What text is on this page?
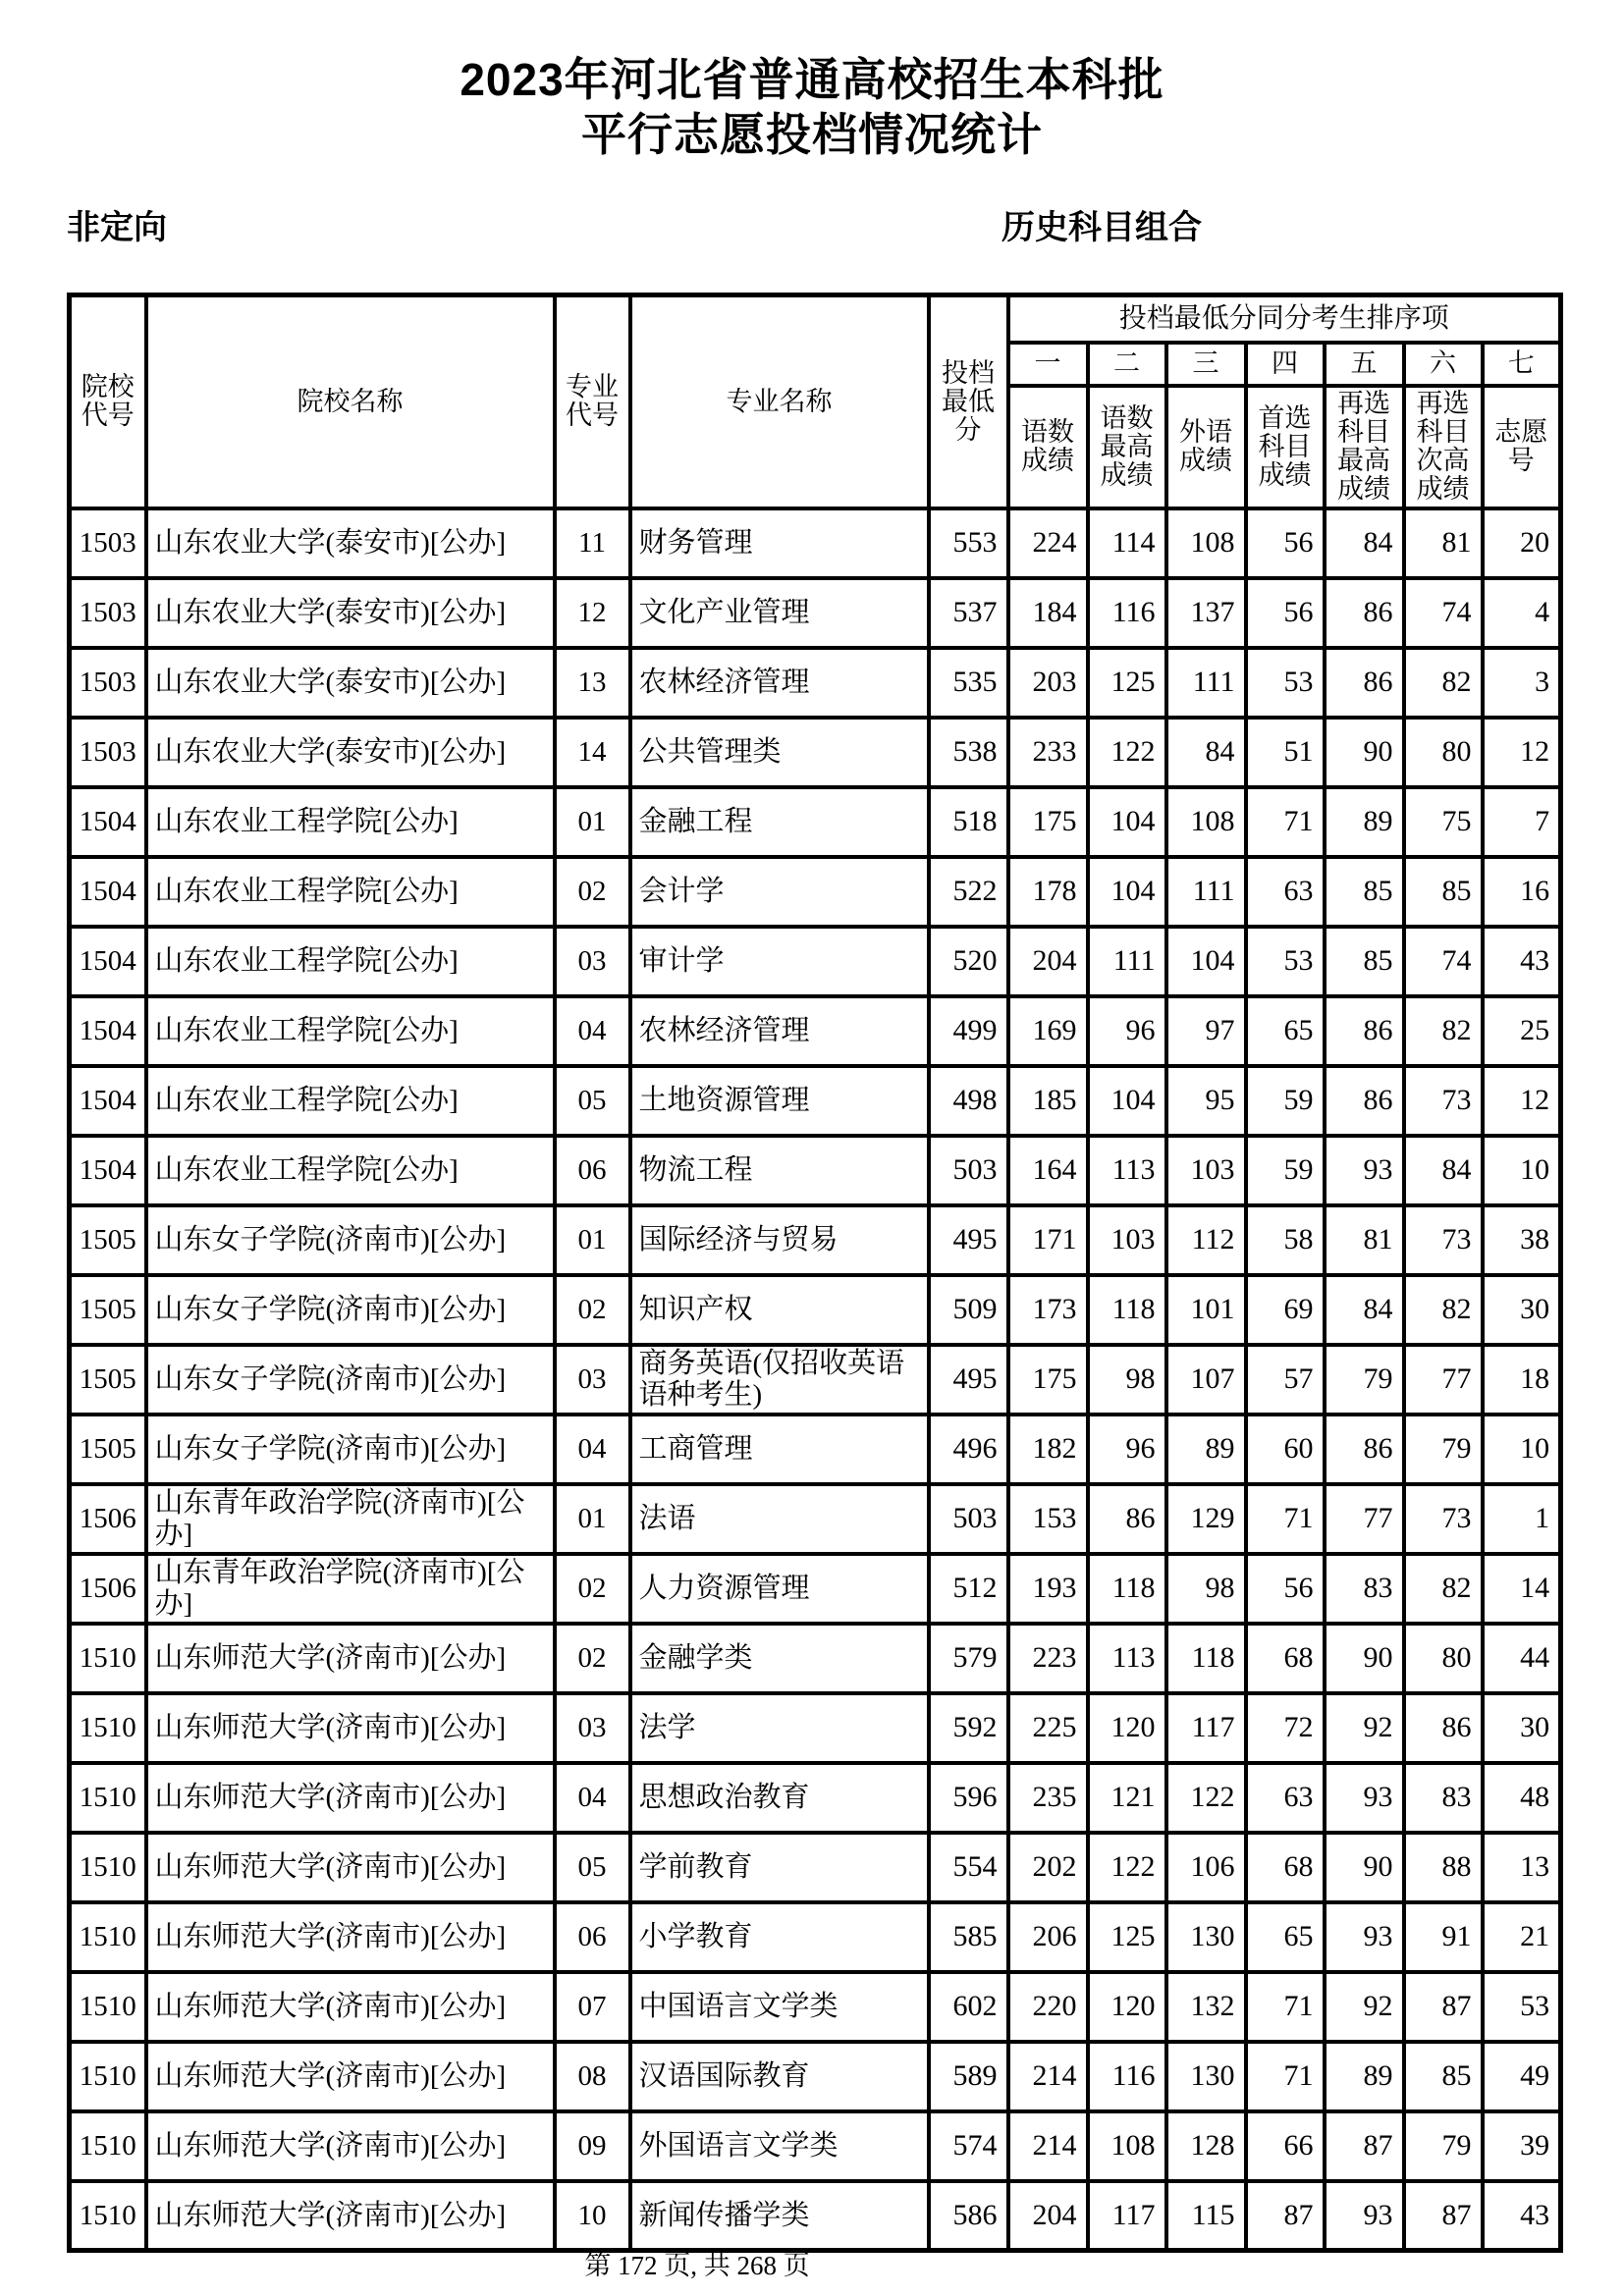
2023年河北省普通高校招生本科批
平行志愿投档情况统计
非定向	历史科目组合
院校代号	院校名称	专业代号	专业名称	投档最低分	投档最低分同分考生排序项						
					一	二	三	四	五	六	七
					语数成绩	语数最高成绩	外语成绩	首选科目成绩	再选科目最高成绩	再选科目次高成绩	志愿号
1503	山东农业大学(泰安市)[公办]	11	财务管理	553	224	114	108	56	84	81	20
1503	山东农业大学(泰安市)[公办]	12	文化产业管理	537	184	116	137	56	86	74	4
1503	山东农业大学(泰安市)[公办]	13	农林经济管理	535	203	125	111	53	86	82	3
1503	山东农业大学(泰安市)[公办]	14	公共管理类	538	233	122	84	51	90	80	12
1504	山东农业工程学院[公办]	01	金融工程	518	175	104	108	71	89	75	7
1504	山东农业工程学院[公办]	02	会计学	522	178	104	111	63	85	85	16
1504	山东农业工程学院[公办]	03	审计学	520	204	111	104	53	85	74	43
1504	山东农业工程学院[公办]	04	农林经济管理	499	169	96	97	65	86	82	25
1504	山东农业工程学院[公办]	05	土地资源管理	498	185	104	95	59	86	73	12
1504	山东农业工程学院[公办]	06	物流工程	503	164	113	103	59	93	84	10
1505	山东女子学院(济南市)[公办]	01	国际经济与贸易	495	171	103	112	58	81	73	38
1505	山东女子学院(济南市)[公办]	02	知识产权	509	173	118	101	69	84	82	30
1505	山东女子学院(济南市)[公办]	03	商务英语(仅招收英语语种考生)	495	175	98	107	57	79	77	18
1505	山东女子学院(济南市)[公办]	04	工商管理	496	182	96	89	60	86	79	10
1506	山东青年政治学院(济南市)[公办]	01	法语	503	153	86	129	71	77	73	1
1506	山东青年政治学院(济南市)[公办]	02	人力资源管理	512	193	118	98	56	83	82	14
1510	山东师范大学(济南市)[公办]	02	金融学类	579	223	113	118	68	90	80	44
1510	山东师范大学(济南市)[公办]	03	法学	592	225	120	117	72	92	86	30
1510	山东师范大学(济南市)[公办]	04	思想政治教育	596	235	121	122	63	93	83	48
1510	山东师范大学(济南市)[公办]	05	学前教育	554	202	122	106	68	90	88	13
1510	山东师范大学(济南市)[公办]	06	小学教育	585	206	125	130	65	93	91	21
1510	山东师范大学(济南市)[公办]	07	中国语言文学类	602	220	120	132	71	92	87	53
1510	山东师范大学(济南市)[公办]	08	汉语国际教育	589	214	116	130	71	89	85	49
1510	山东师范大学(济南市)[公办]	09	外国语言文学类	574	214	108	128	66	87	79	39
1510	山东师范大学(济南市)[公办]	10	新闻传播学类	586	204	117	115	87	93	87	43
第 172 页, 共 268 页
